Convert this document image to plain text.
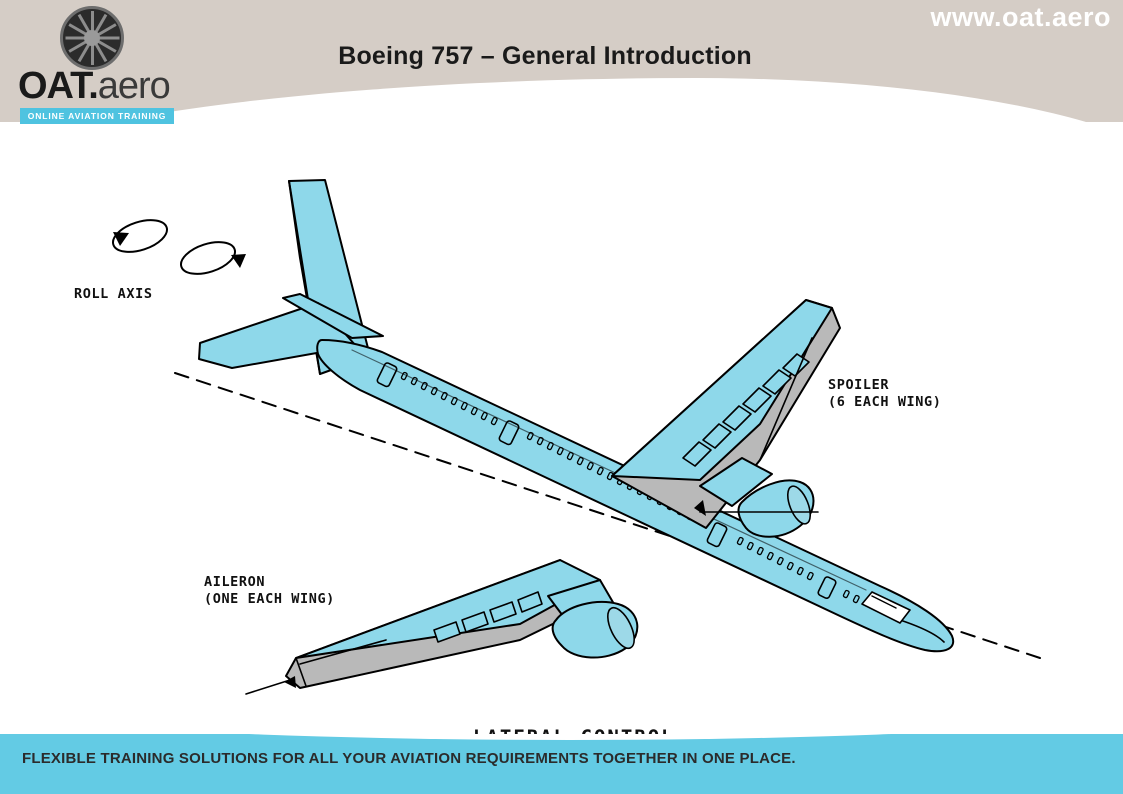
www.oat.aero
Boeing 757 – General Introduction
OAT.aero
ONLINE AVIATION TRAINING
ROLL AXIS
SPOILER
(6 EACH WING)
AILERON
(ONE EACH WING)
FLEXIBLE TRAINING SOLUTIONS FOR ALL YOUR AVIATION REQUIREMENTS TOGETHER IN ONE PLACE.
